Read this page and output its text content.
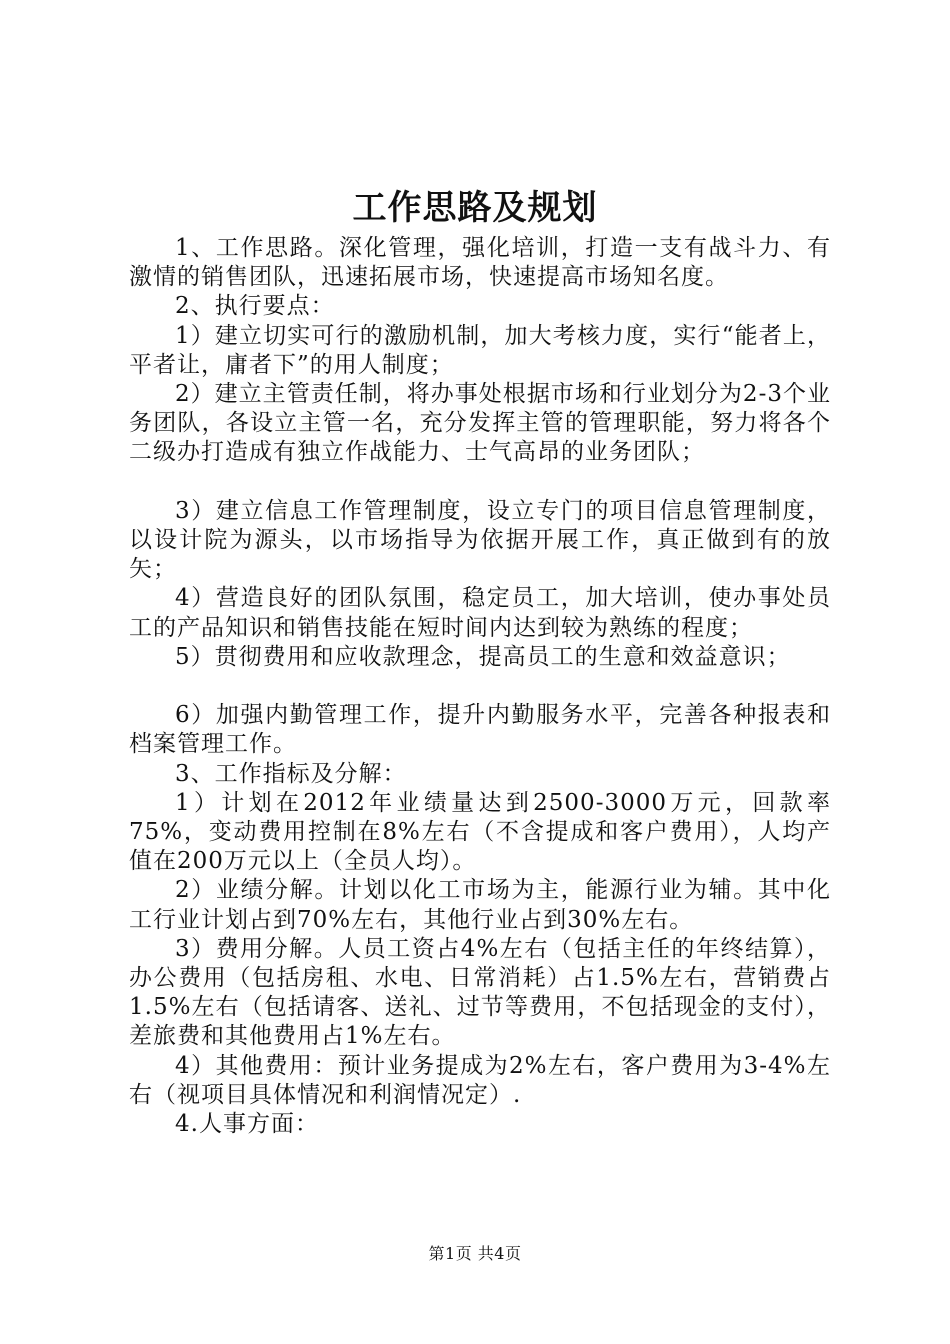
工作思路及规划

1、工作思路。深化管理，强化培训，打造一支有战斗力、有激情的销售团队，迅速拓展市场，快速提高市场知名度。

2、执行要点：

1）建立切实可行的激励机制，加大考核力度，实行“能者上，平者让，庸者下”的用人制度；

2）建立主管责任制，将办事处根据市场和行业划分为2-3个业务团队，各设立主管一名，充分发挥主管的管理职能，努力将各个二级办打造成有独立作战能力、士气高昂的业务团队；

3）建立信息工作管理制度，设立专门的项目信息管理制度，以设计院为源头，以市场指导为依据开展工作，真正做到有的放矢；

4）营造良好的团队氛围，稳定员工，加大培训，使办事处员工的产品知识和销售技能在短时间内达到较为熟练的程度；

5）贯彻费用和应收款理念，提高员工的生意和效益意识；

6）加强内勤管理工作，提升内勤服务水平，完善各种报表和档案管理工作。

3、工作指标及分解：

1）计划在2012年业绩量达到2500-3000万元，回款率75%，变动费用控制在8%左右（不含提成和客户费用），人均产值在200万元以上（全员人均）。

2）业绩分解。计划以化工市场为主，能源行业为辅。其中化工行业计划占到70%左右，其他行业占到30%左右。

3）费用分解。人员工资占4%左右（包括主任的年终结算），办公费用（包括房租、水电、日常消耗）占1.5%左右，营销费占1.5%左右（包括请客、送礼、过节等费用，不包括现金的支付），差旅费和其他费用占1%左右。

4）其他费用：预计业务提成为2%左右，客户费用为3-4%左右（视项目具体情况和利润情况定）.

4.人事方面：

第1页 共4页
